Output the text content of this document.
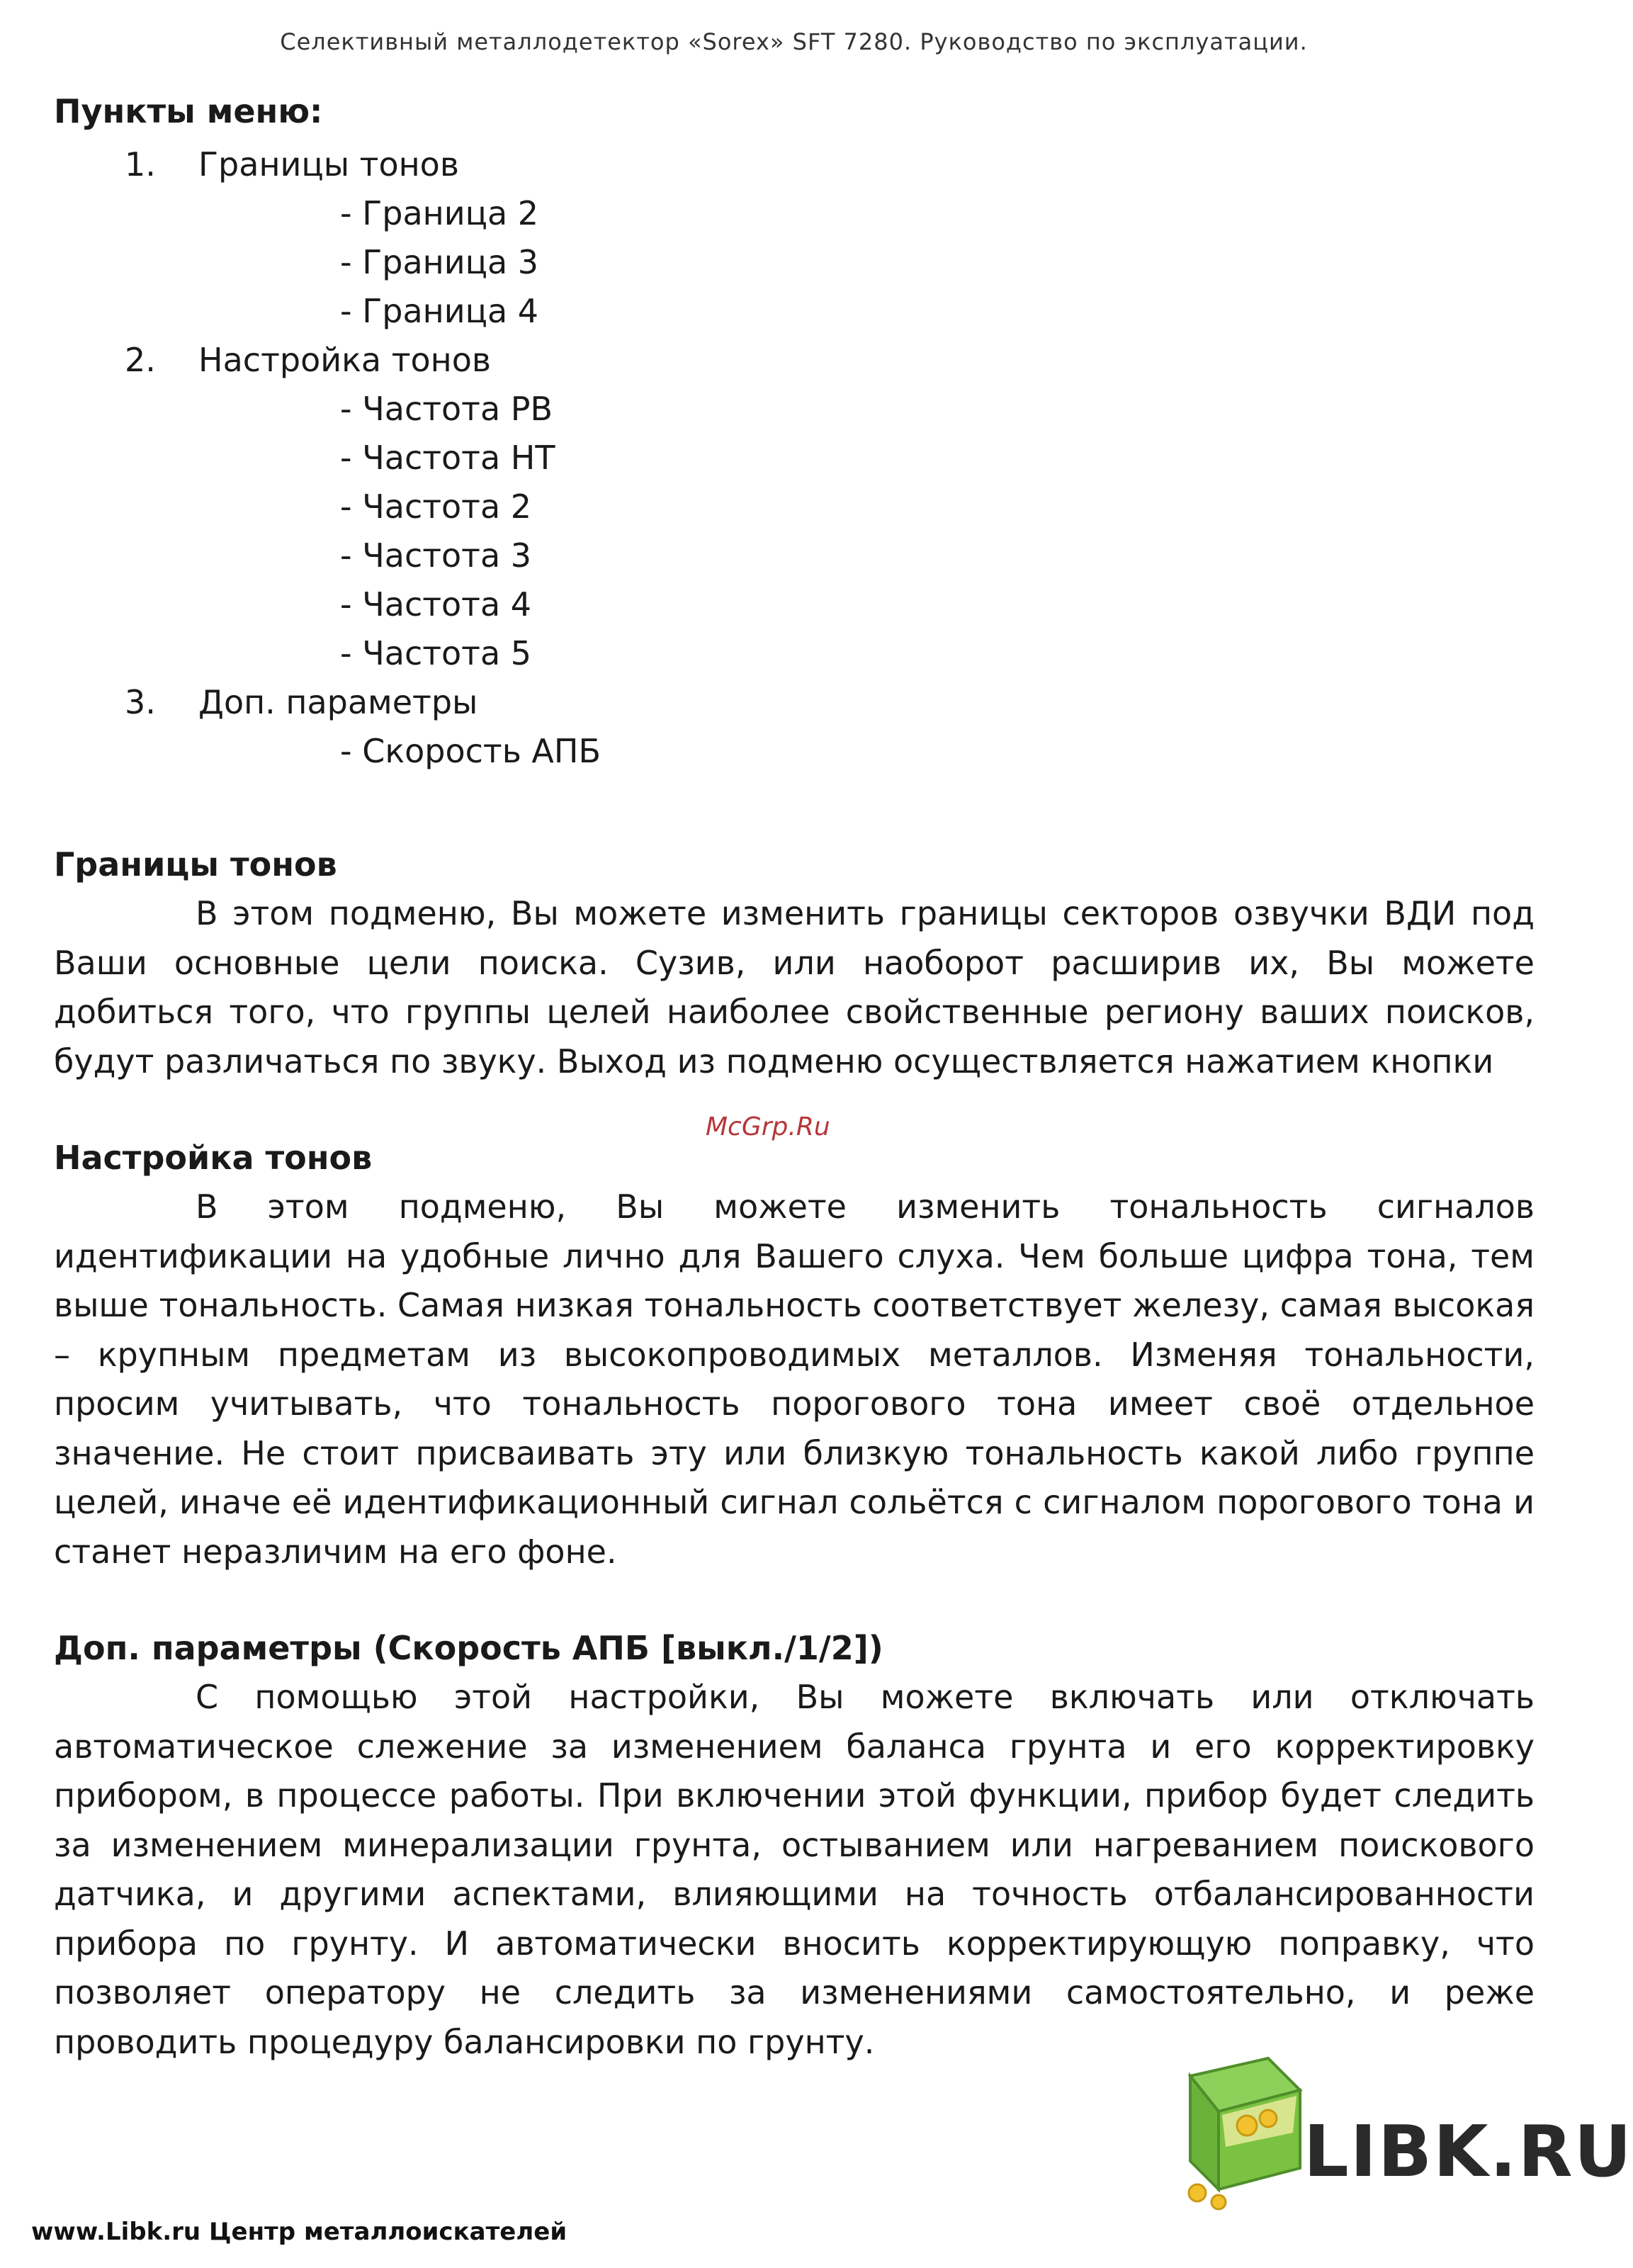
Селективный металлодетектор «Sorex» SFT 7280. Руководство по эксплуатации.
Пункты меню:
1. Границы тонов
- Граница 2
- Граница 3
- Граница 4
2. Настройка тонов
- Частота РВ
- Частота НТ
- Частота 2
- Частота 3
- Частота 4
- Частота 5
3. Доп. параметры
- Скорость АПБ
Границы тонов

В этом подменю, Вы можете изменить границы секторов озвучки ВДИ под Ваши основные цели поиска. Сузив, или наоборот расширив их, Вы можете добиться того, что группы целей наиболее свойственные региону ваших поисков, будут различаться по звуку. Выход из подменю осуществляется нажатием кнопки

McGrp.Ru
Настройка тонов

В этом подменю, Вы можете изменить тональность сигналов идентификации на удобные лично для Вашего слуха. Чем больше цифра тона, тем выше тональность. Самая низкая тональность соответствует железу, самая высокая – крупным предметам из высокопроводимых металлов. Изменяя тональности, просим учитывать, что тональность порогового тона имеет своё отдельное значение. Не стоит присваивать эту или близкую тональность какой либо группе целей, иначе её идентификационный сигнал сольётся с сигналом порогового тона и станет неразличим на его фоне.

Доп. параметры (Скорость АПБ [выкл./1/2])

С помощью этой настройки, Вы можете включать или отключать автоматическое слежение за изменением баланса грунта и его корректировку прибором, в процессе работы. При включении этой функции, прибор будет следить за изменением минерализации грунта, остыванием или нагреванием поискового датчика, и другими аспектами, влияющими на точность отбалансированности прибора по грунту. И автоматически вносить корректирующую поправку, что позволяет оператору не следить за изменениями самостоятельно, и реже проводить процедуру балансировки по грунту.

LIBK.RU
www.Libk.ru Центр металлоискателей
